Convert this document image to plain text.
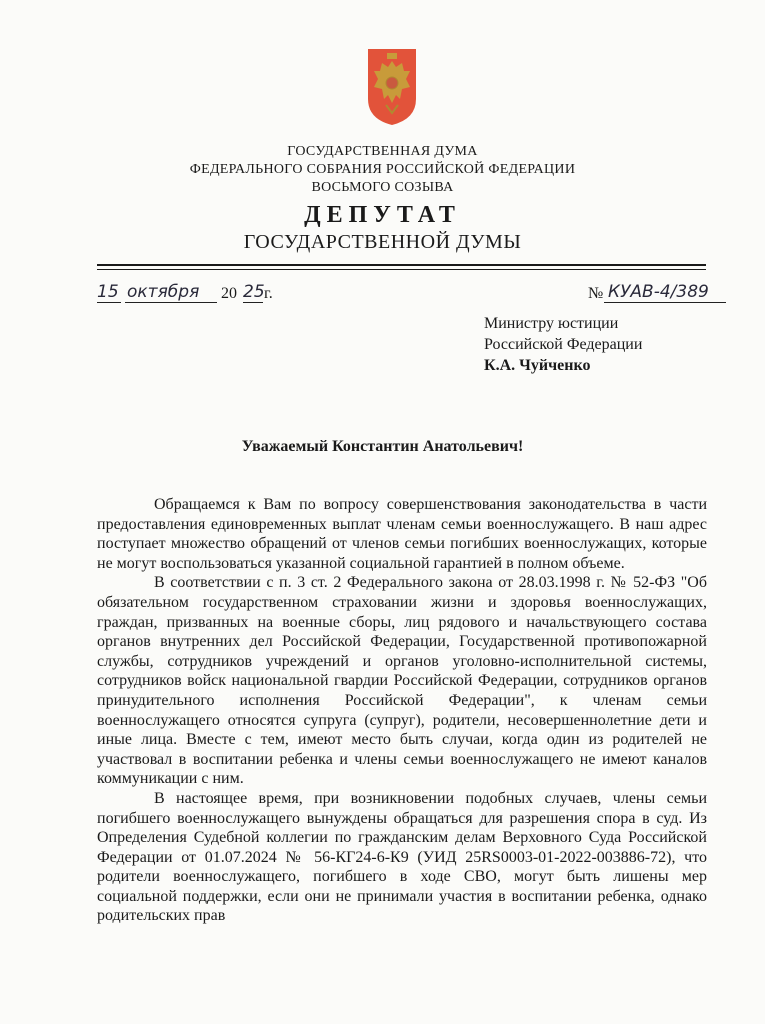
ГОСУДАРСТВЕННАЯ ДУМА
ФЕДЕРАЛЬНОГО СОБРАНИЯ РОССИЙСКОЙ ФЕДЕРАЦИИ
ВОСЬМОГО СОЗЫВА
ДЕПУТАТ
ГОСУДАРСТВЕННОЙ ДУМЫ
15 октября 20 25 г.	№ КУАВ-4/389
Министру юстиции
Российской Федерации
К.А. Чуйченко
Уважаемый Константин Анатольевич!

Обращаемся к Вам по вопросу совершенствования законодательства в части предоставления единовременных выплат членам семьи военнослужащего. В наш адрес поступает множество обращений от членов семьи погибших военнослужащих, которые не могут воспользоваться указанной социальной гарантией в полном объеме.

В соответствии с п. 3 ст. 2 Федерального закона от 28.03.1998 г. № 52-ФЗ "Об обязательном государственном страховании жизни и здоровья военнослужащих, граждан, призванных на военные сборы, лиц рядового и начальствующего состава органов внутренних дел Российской Федерации, Государственной противопожарной службы, сотрудников учреждений и органов уголовно-исполнительной системы, сотрудников войск национальной гвардии Российской Федерации, сотрудников органов принудительного исполнения Российской Федерации", к членам семьи военнослужащего относятся супруга (супруг), родители, несовершеннолетние дети и иные лица. Вместе с тем, имеют место быть случаи, когда один из родителей не участвовал в воспитании ребенка и члены семьи военнослужащего не имеют каналов коммуникации с ним.

В настоящее время, при возникновении подобных случаев, члены семьи погибшего военнослужащего вынуждены обращаться для разрешения спора в суд. Из Определения Судебной коллегии по гражданским делам Верховного Суда Российской Федерации от 01.07.2024 № 56-КГ24-6-К9 (УИД 25RS0003-01-2022-003886-72), что родители военнослужащего, погибшего в ходе СВО, могут быть лишены мер социальной поддержки, если они не принимали участия в воспитании ребенка, однако родительских прав
